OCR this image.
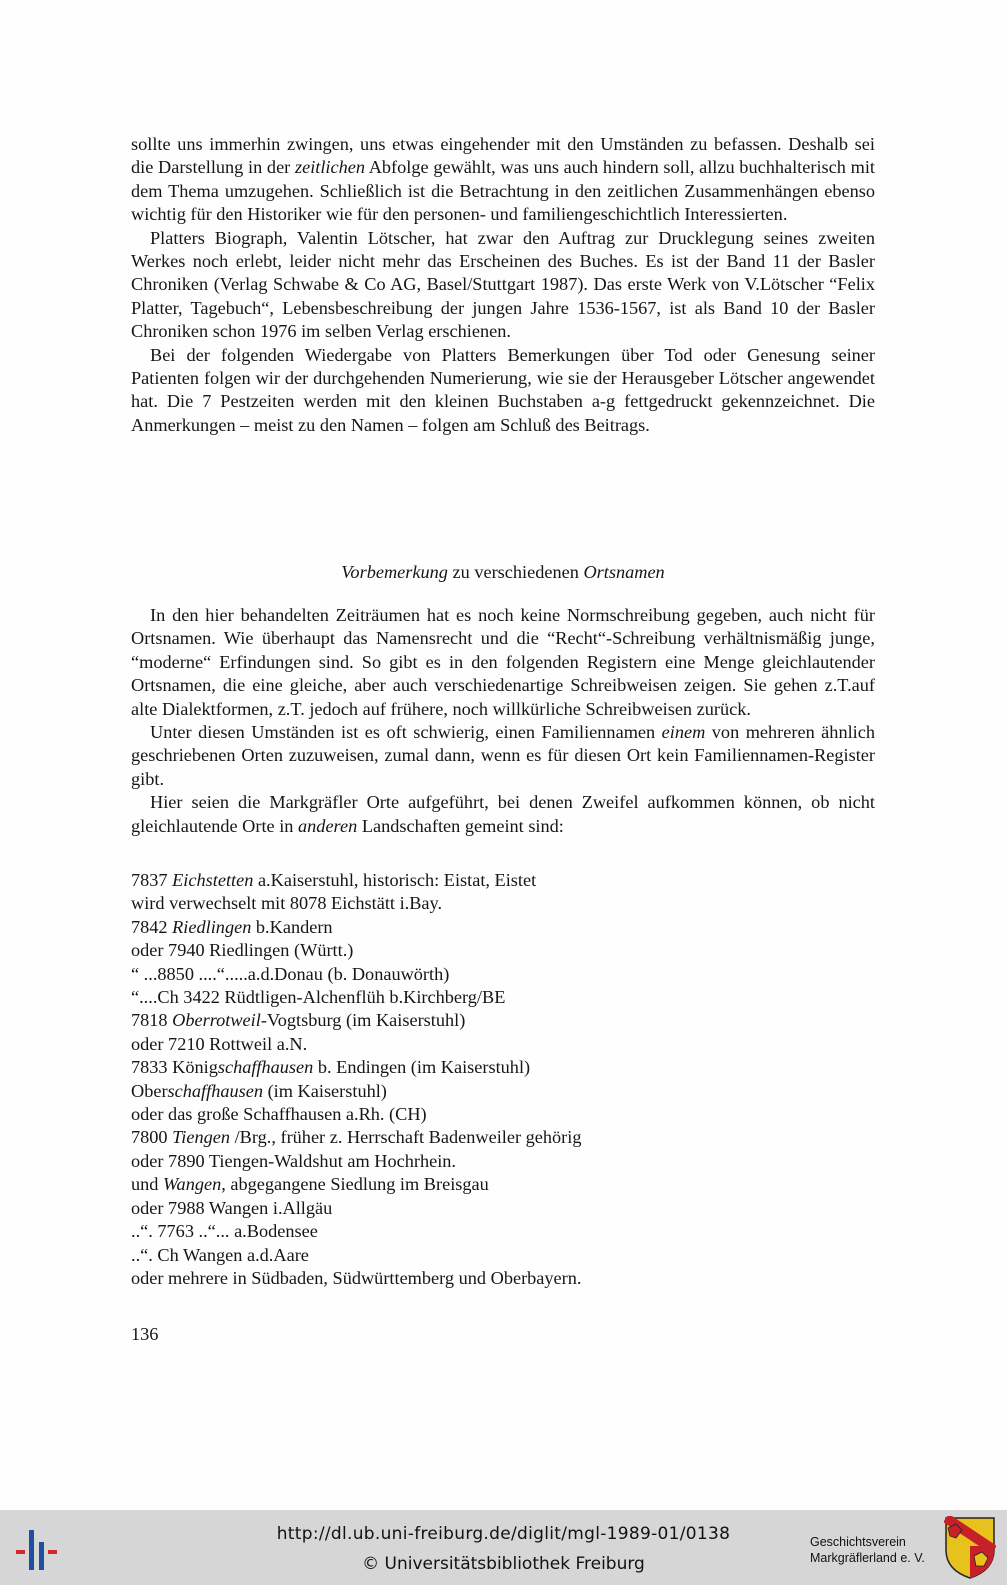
sollte uns immerhin zwingen, uns etwas eingehender mit den Umständen zu befassen. Deshalb sei die Darstellung in der zeitlichen Abfolge gewählt, was uns auch hindern soll, allzu buchhalterisch mit dem Thema umzugehen. Schließlich ist die Betrachtung in den zeitlichen Zusammenhängen ebenso wichtig für den Historiker wie für den personen- und familiengeschichtlich Interessierten.

Platters Biograph, Valentin Lötscher, hat zwar den Auftrag zur Drucklegung seines zweiten Werkes noch erlebt, leider nicht mehr das Erscheinen des Buches. Es ist der Band 11 der Basler Chroniken (Verlag Schwabe & Co AG, Basel/Stuttgart 1987). Das erste Werk von V.Lötscher “Felix Platter, Tagebuch“, Lebensbeschreibung der jungen Jahre 1536-1567, ist als Band 10 der Basler Chroniken schon 1976 im selben Verlag erschienen.

Bei der folgenden Wiedergabe von Platters Bemerkungen über Tod oder Genesung seiner Patienten folgen wir der durchgehenden Numerierung, wie sie der Herausgeber Lötscher angewendet hat. Die 7 Pestzeiten werden mit den kleinen Buchstaben a-g fettgedruckt gekennzeichnet. Die Anmerkungen – meist zu den Namen – folgen am Schluß des Beitrags.

Vorbemerkung zu verschiedenen Ortsnamen

In den hier behandelten Zeiträumen hat es noch keine Normschreibung gegeben, auch nicht für Ortsnamen. Wie überhaupt das Namensrecht und die “Recht“-Schreibung verhältnismäßig junge, “moderne“ Erfindungen sind. So gibt es in den folgenden Registern eine Menge gleichlautender Ortsnamen, die eine gleiche, aber auch verschiedenartige Schreibweisen zeigen. Sie gehen z.T.auf alte Dialektformen, z.T. jedoch auf frühere, noch willkürliche Schreibweisen zurück.

Unter diesen Umständen ist es oft schwierig, einen Familiennamen einem von mehreren ähnlich geschriebenen Orten zuzuweisen, zumal dann, wenn es für diesen Ort kein Familiennamen-Register gibt.

Hier seien die Markgräfler Orte aufgeführt, bei denen Zweifel aufkommen können, ob nicht gleichlautende Orte in anderen Landschaften gemeint sind:

7837 Eichstetten a.Kaiserstuhl, historisch: Eistat, Eistet
wird verwechselt mit 8078 Eichstätt i.Bay.
7842 Riedlingen b.Kandern
oder 7940 Riedlingen (Württ.)
“ ...8850 ....“.....a.d.Donau (b. Donauwörth)
“....Ch 3422 Rüdtligen-Alchenflüh b.Kirchberg/BE
7818 Oberrotweil-Vogtsburg (im Kaiserstuhl)
oder 7210 Rottweil a.N.
7833 Königschaffhausen b. Endingen (im Kaiserstuhl)
Oberschaffhausen (im Kaiserstuhl)
oder das große Schaffhausen a.Rh. (CH)
7800 Tiengen /Brg., früher z. Herrschaft Badenweiler gehörig
oder 7890 Tiengen-Waldshut am Hochrhein.
und Wangen, abgegangene Siedlung im Breisgau
oder 7988 Wangen i.Allgäu
..“. 7763 ..“... a.Bodensee
..“. Ch Wangen a.d.Aare
oder mehrere in Südbaden, Südwürttemberg und Oberbayern.
136
http://dl.ub.uni-freiburg.de/diglit/mgl-1989-01/0138
© Universitätsbibliothek Freiburg
Geschichtsverein
Markgräflerland e. V.
